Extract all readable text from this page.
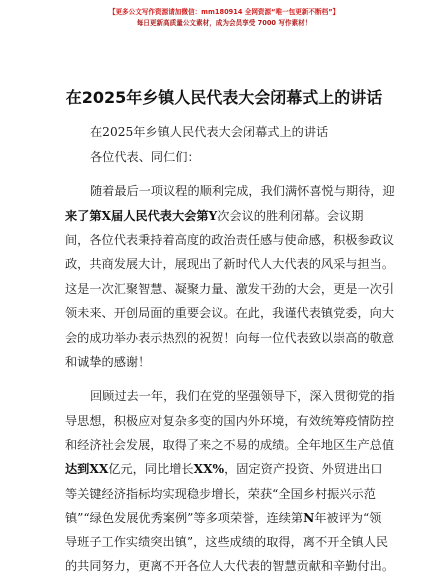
【更多公文写作资源请加微信：mm180914 全网资源“唯一包更新不断档”】
每日更新高质量公文素材，成为会员享受 7000 写作素材！
在2025年乡镇人民代表大会闭幕式上的讲话
在2025年乡镇人民代表大会闭幕式上的讲话
各位代表、同仁们：
随着最后一项议程的顺利完成，我们满怀喜悦与期待，迎
来了第X届人民代表大会第Y次会议的胜利闭幕。会议期
间，各位代表秉持着高度的政治责任感与使命感，积极参政议
政，共商发展大计，展现出了新时代人大代表的风采与担当。
这是一次汇聚智慧、凝聚力量、激发干劲的大会，更是一次引
领未来、开创局面的重要会议。在此，我谨代表镇党委，向大
会的成功举办表示热烈的祝贺！向每一位代表致以崇高的敬意
和诚挚的感谢！
回顾过去一年，我们在党的坚强领导下，深入贯彻党的指
导思想，积极应对复杂多变的国内外环境，有效统筹疫情防控
和经济社会发展，取得了来之不易的成绩。全年地区生产总值
达到XX亿元，同比增长XX%，固定资产投资、外贸进出口
等关键经济指标均实现稳步增长，荣获“全国乡村振兴示范
镇”“绿色发展优秀案例”等多项荣誉，连续第N年被评为“领
导班子工作实绩突出镇”，这些成绩的取得，离不开全镇人民
的共同努力，更离不开各位人大代表的智慧贡献和辛勤付出。
